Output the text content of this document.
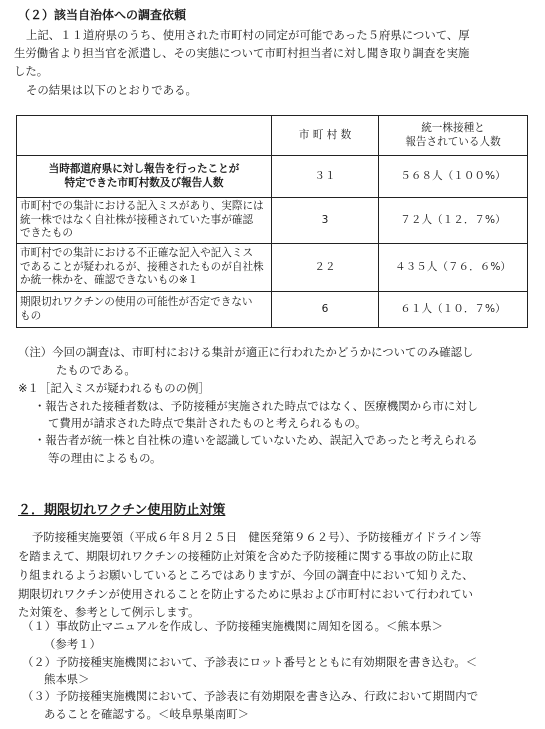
（２）該当自治体への調査依頼
上記、１１道府県のうち、使用された市町村の同定が可能であった５府県について、厚
生労働省より担当官を派遣し、その実態について市町村担当者に対し聞き取り調査を実施
した。
その結果は以下のとおりである。
	市 町 村 数	統一株接種と
報告されている人数

当時都道府県に対し報告を行ったことが
特定できた市町村数及び報告人数	３１	５６８人（１００%）

市町村での集計における記入ミスがあり、実際には
統一株ではなく自社株が接種されていた事が確認
できたもの	3	７２人（１２．７%）

市町村での集計における不正確な記入や記入ミス
であることが疑われるが、接種されたものが自社株
か統一株かを、確認できないもの※１	２２	４３５人（７６．６%）

期限切れワクチンの使用の可能性が否定できない
もの	6	６１人（１０．７%）
（注）今回の調査は、市町村における集計が適正に行われたかどうかについてのみ確認し
たものである。
※１［記入ミスが疑われるものの例］
・報告された接種者数は、予防接種が実施された時点ではなく、医療機関から市に対し
て費用が請求された時点で集計されたものと考えられるもの。
・報告者が統一株と自社株の違いを認識していないため、誤記入であったと考えられる
等の理由によるもの。
２．期限切れワクチン使用防止対策
予防接種実施要領（平成６年８月２５日　健医発第９６２号）、予防接種ガイドライン等
を踏まえて、期限切れワクチンの接種防止対策を含めた予防接種に関する事故の防止に取
り組まれるようお願いしているところではありますが、今回の調査中において知りえた、
期限切れワクチンが使用されることを防止するために県および市町村において行われてい
た対策を、参考として例示します。
（１）事故防止マニュアルを作成し、予防接種実施機関に周知を図る。＜熊本県＞
（参考１）
（２）予防接種実施機関において、予診表にロット番号とともに有効期限を書き込む。＜
熊本県＞
（３）予防接種実施機関において、予診表に有効期限を書き込み、行政において期間内で
あることを確認する。＜岐阜県巣南町＞
